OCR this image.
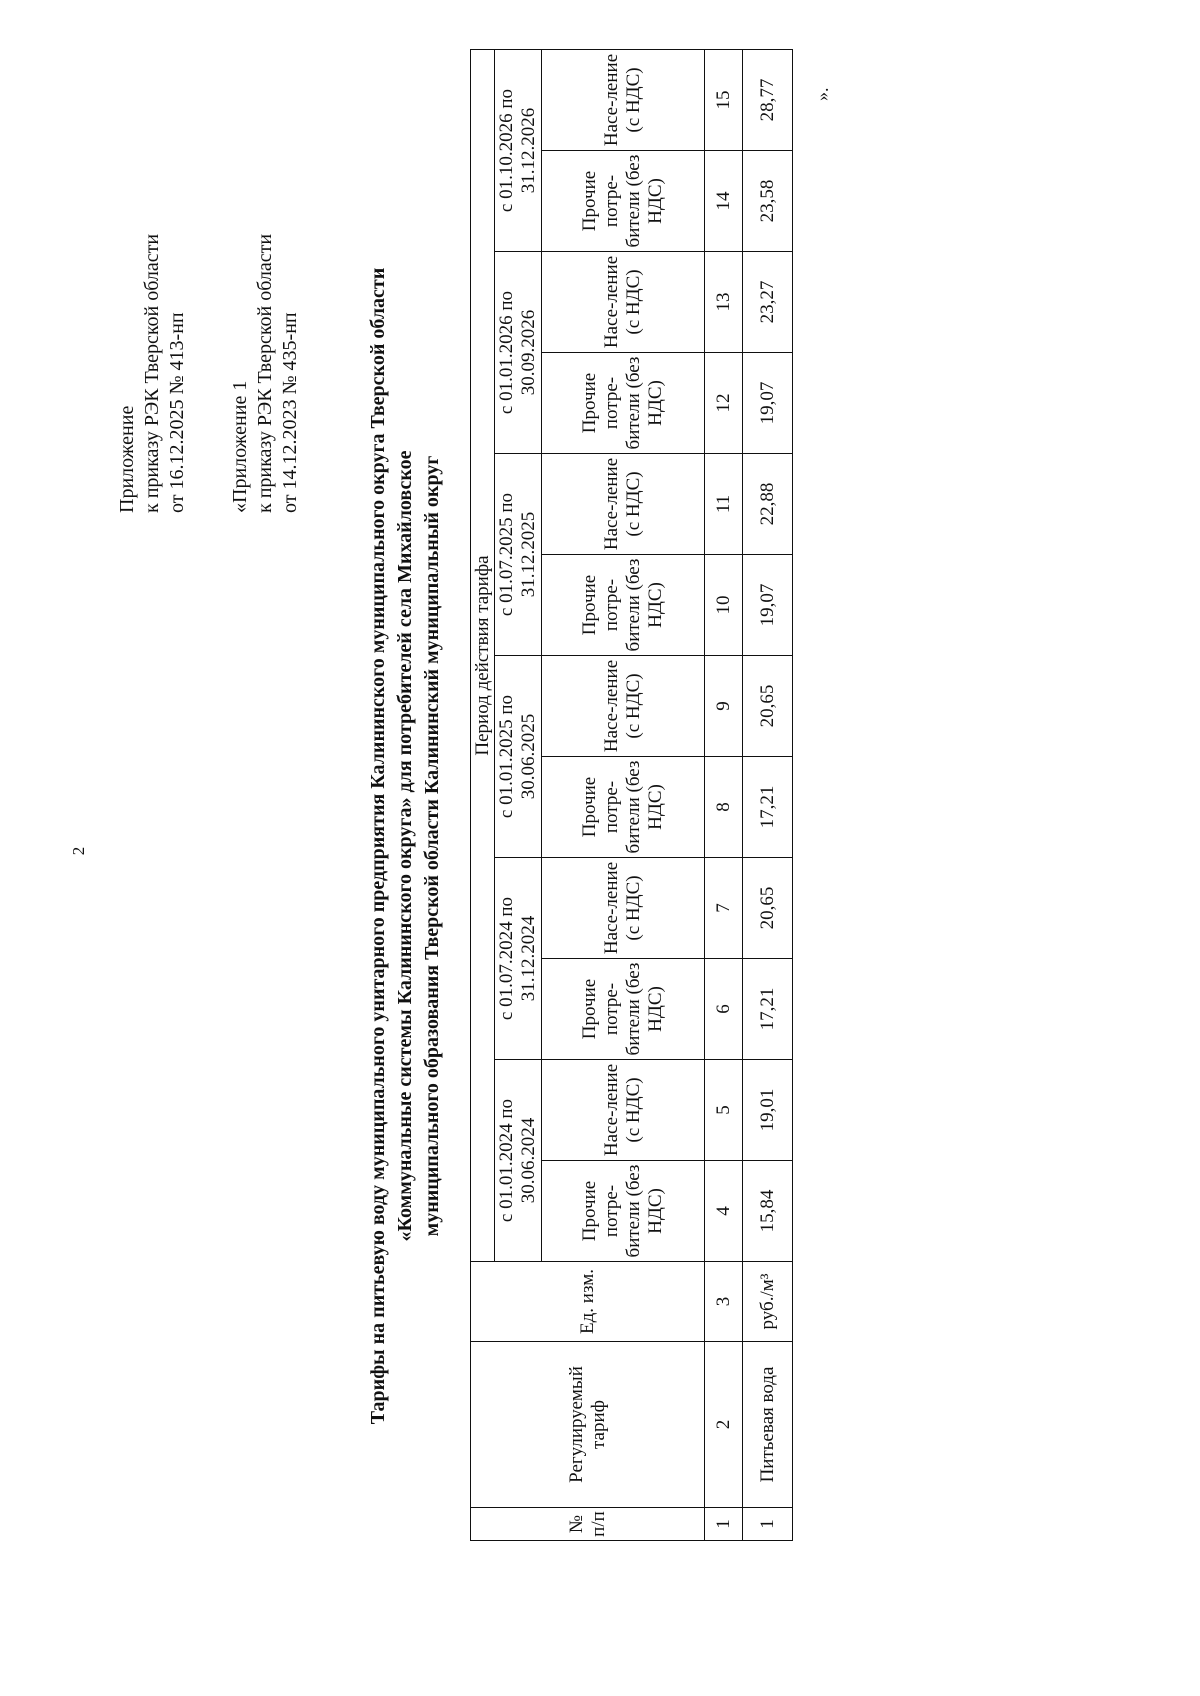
2
Приложение к приказу РЭК Тверской области от 16.12.2025 № 413-нп «Приложение 1 к приказу РЭК Тверской области от 14.12.2023 № 435-нп	Тарифы на питьевую воду муниципального унитарного предприятия Калининского муниципального округа Тверской области «Коммунальные системы Калининского округа» для потребителей села Михайловское муниципального образования Тверской области Калининский муниципальный округ
№ п/п	Регулируемый тариф	Ед. изм.	Период действия тарифа											
			с 01.01.2024 по 30.06.2024		с 01.07.2024 по 31.12.2024		с 01.01.2025 по 30.06.2025		с 01.07.2025 по 31.12.2025		с 01.01.2026 по 30.09.2026		с 01.10.2026 по 31.12.2026	
			Прочие потре-бители (без НДС)	Насе-ление (с НДС)	Прочие потре-бители (без НДС)	Насе-ление (с НДС)	Прочие потре-бители (без НДС)	Насе-ление (с НДС)	Прочие потре-бители (без НДС)	Насе-ление (с НДС)	Прочие потре-бители (без НДС)	Насе-ление (с НДС)	Прочие потре-бители (без НДС)	Насе-ление (с НДС)
1	2	3	4	5	6	7	8	9	10	11	12	13	14	15
1	Питьевая вода	руб./м³	15,84	19,01	17,21	20,65	17,21	20,65	19,07	22,88	19,07	23,27	23,58	28,77 ».
